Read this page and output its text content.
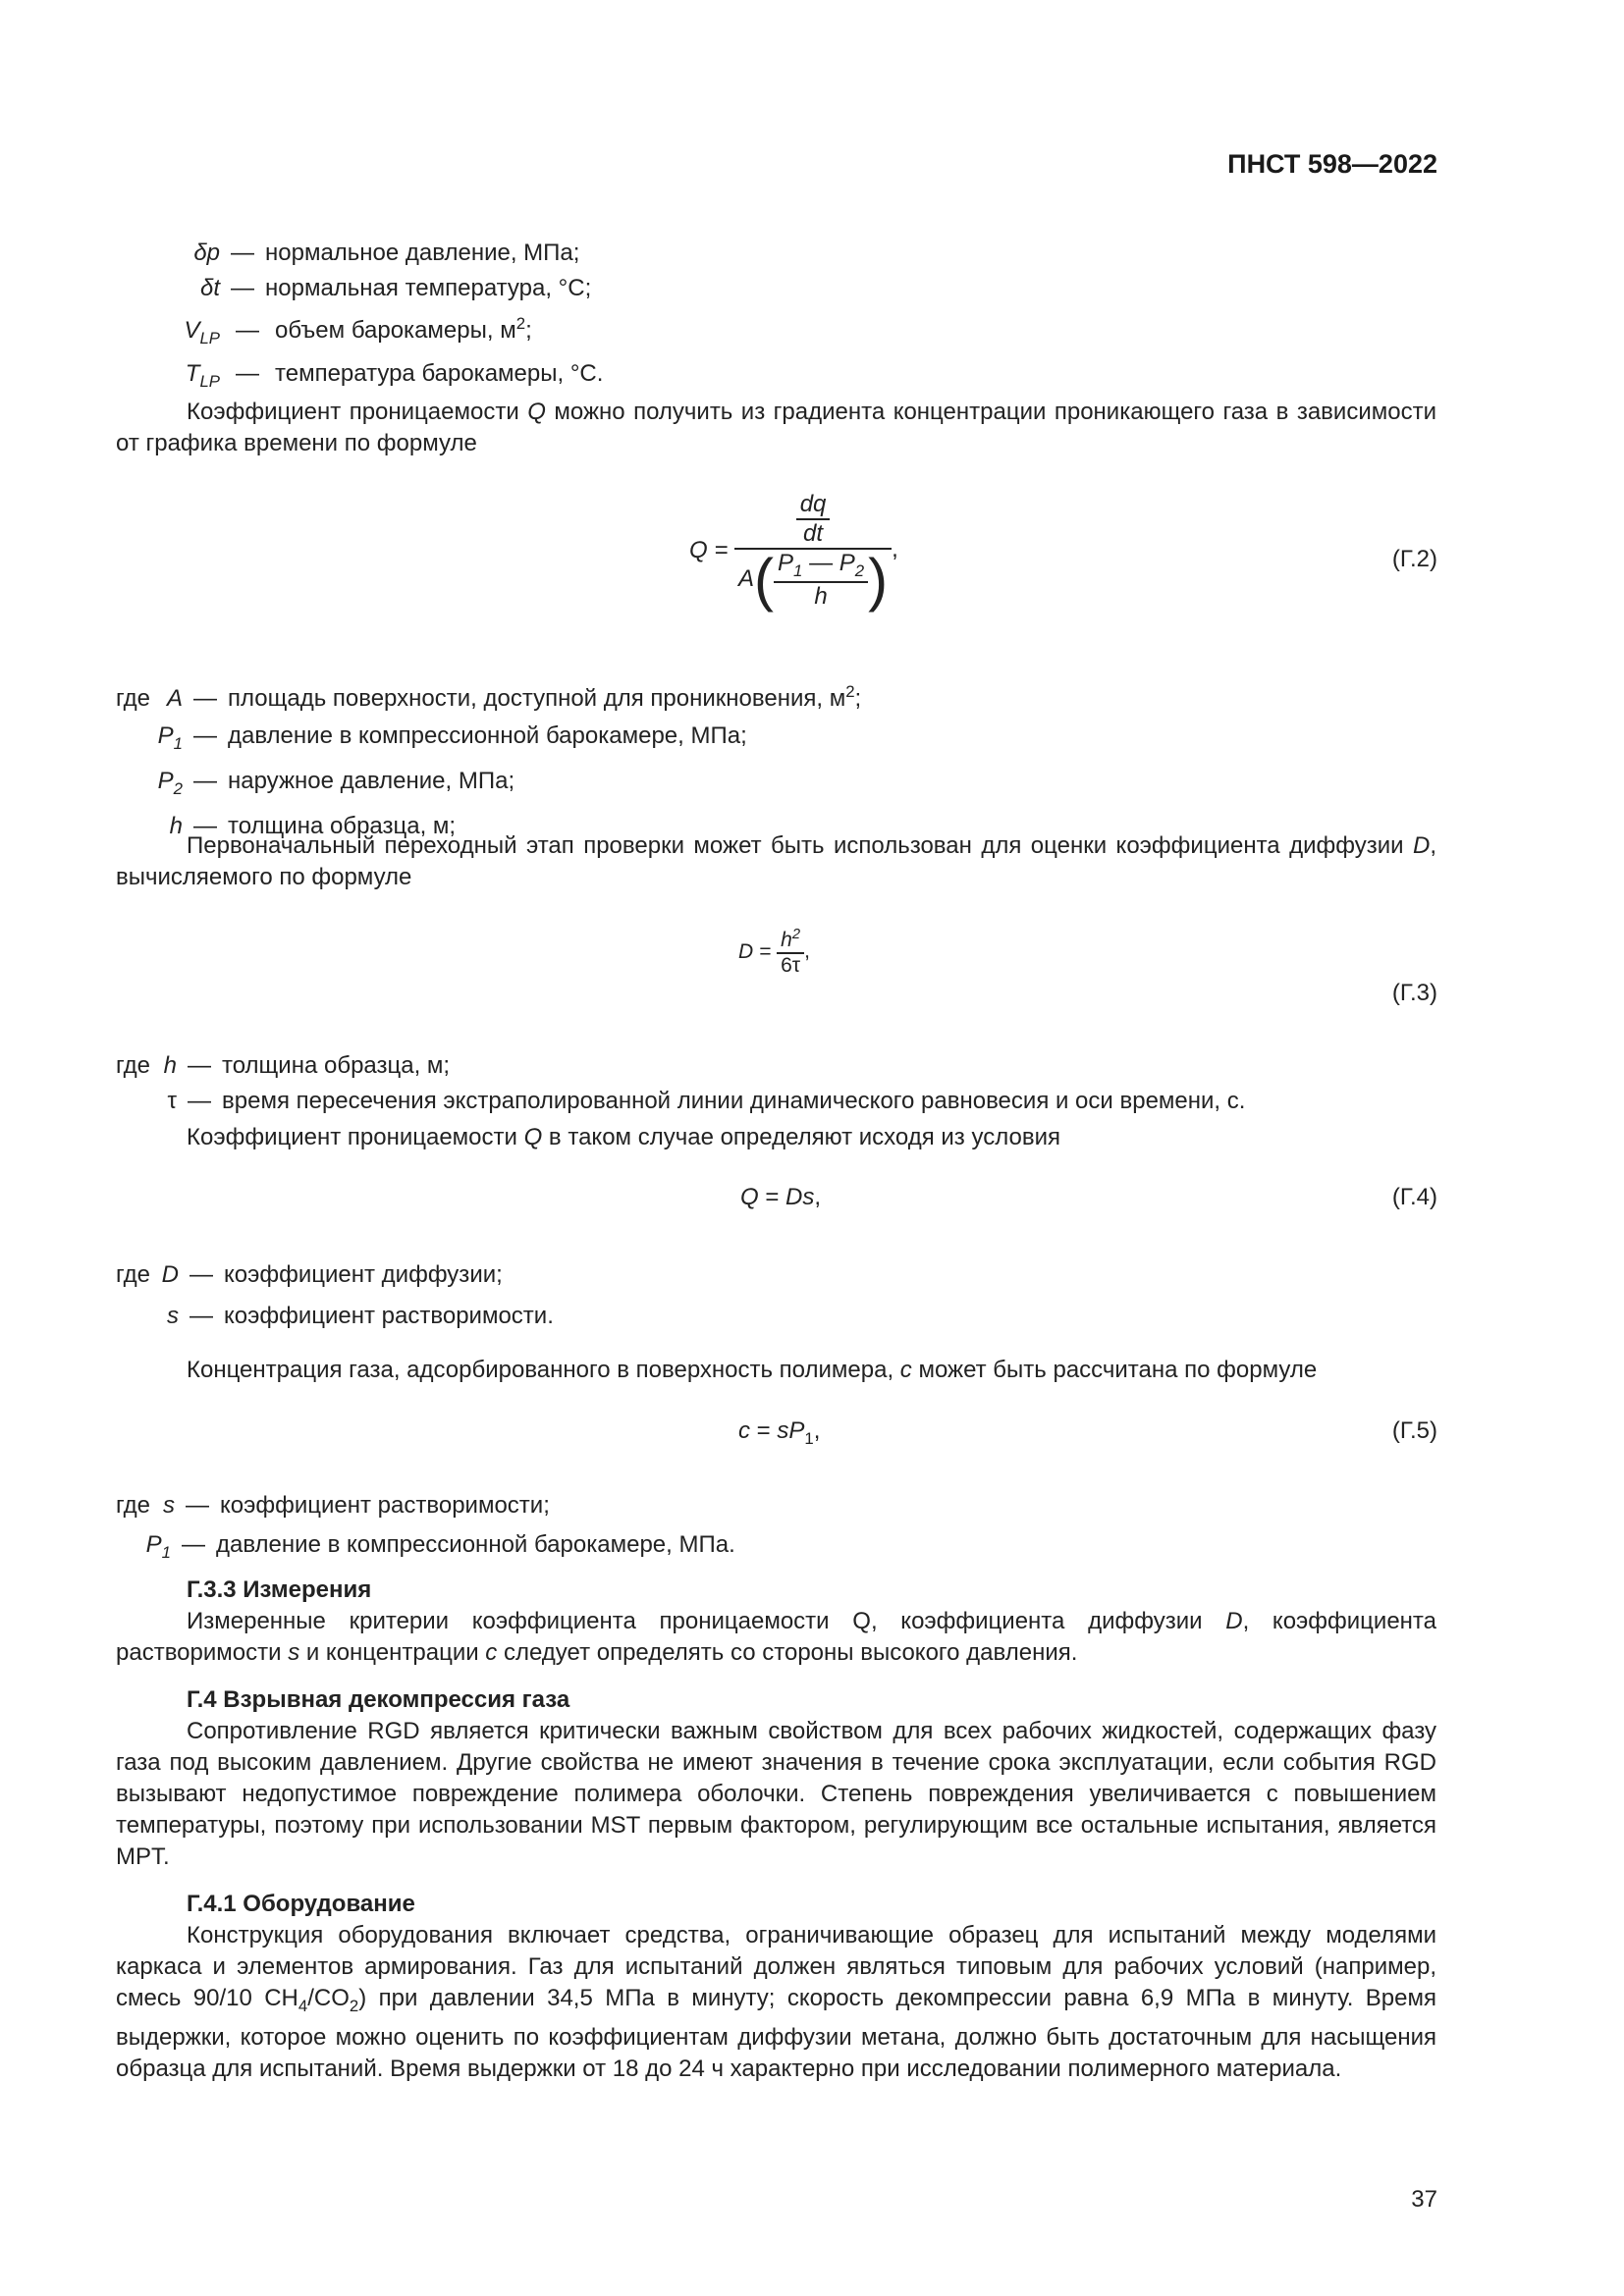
ПНСТ 598—2022
δp — нормальное давление, МПа;
δt — нормальная температура, °С;
$V_{LP}$ — объем барокамеры, $м^2$;
$T_{LP}$ — температура барокамеры, °С.
Коэффициент проницаемости Q можно получить из градиента концентрации проникающего газа в зависимости от графика времени по формуле
$Q = \frac{\frac{dq}{dt}}{A( \frac{P_1 — P_2}{h} )}$ ,	(Г.2)
где A — площадь поверхности, доступной для проникновения, $м^2$;
$P_1$ — давление в компрессионной барокамере, МПа;
$P_2$ — наружное давление, МПа;
h — толщина образца, м;
Первоначальный переходный этап проверки может быть использован для оценки коэффициента диффузии D, вычисляемого по формуле
$D = \frac{h^2}{6\tau}$ ,
(Г.3)
где h — толщина образца, м;
τ — время пересечения экстраполированной линии динамического равновесия и оси времени, с.
Коэффициент проницаемости Q в таком случае определяют исходя из условия
Q = Ds,	(Г.4)
где D — коэффициент диффузии;
s — коэффициент растворимости.
Концентрация газа, адсорбированного в поверхность полимера, c может быть рассчитана по формуле
$c = sP_1$,	(Г.5)
где s — коэффициент растворимости;
$P_1$ — давление в компрессионной барокамере, МПа.
Г.3.3 Измерения
Измеренные критерии коэффициента проницаемости Q, коэффициента диффузии D, коэффициента растворимости s и концентрации c следует определять со стороны высокого давления.
Г.4 Взрывная декомпрессия газа
Сопротивление RGD является критически важным свойством для всех рабочих жидкостей, содержащих фазу газа под высоким давлением. Другие свойства не имеют значения в течение срока эксплуатации, если события RGD вызывают недопустимое повреждение полимера оболочки. Степень повреждения увеличивается с повышением температуры, поэтому при использовании MST первым фактором, регулирующим все остальные испытания, является MPT.
Г.4.1 Оборудование
Конструкция оборудования включает средства, ограничивающие образец для испытаний между моделями каркаса и элементов армирования. Газ для испытаний должен являться типовым для рабочих условий (например, смесь 90/10 $CH_4/CO_2$) при давлении 34,5 МПа в минуту; скорость декомпрессии равна 6,9 МПа в минуту. Время выдержки, которое можно оценить по коэффициентам диффузии метана, должно быть достаточным для насыщения образца для испытаний. Время выдержки от 18 до 24 ч характерно при исследовании полимерного материала.
37
